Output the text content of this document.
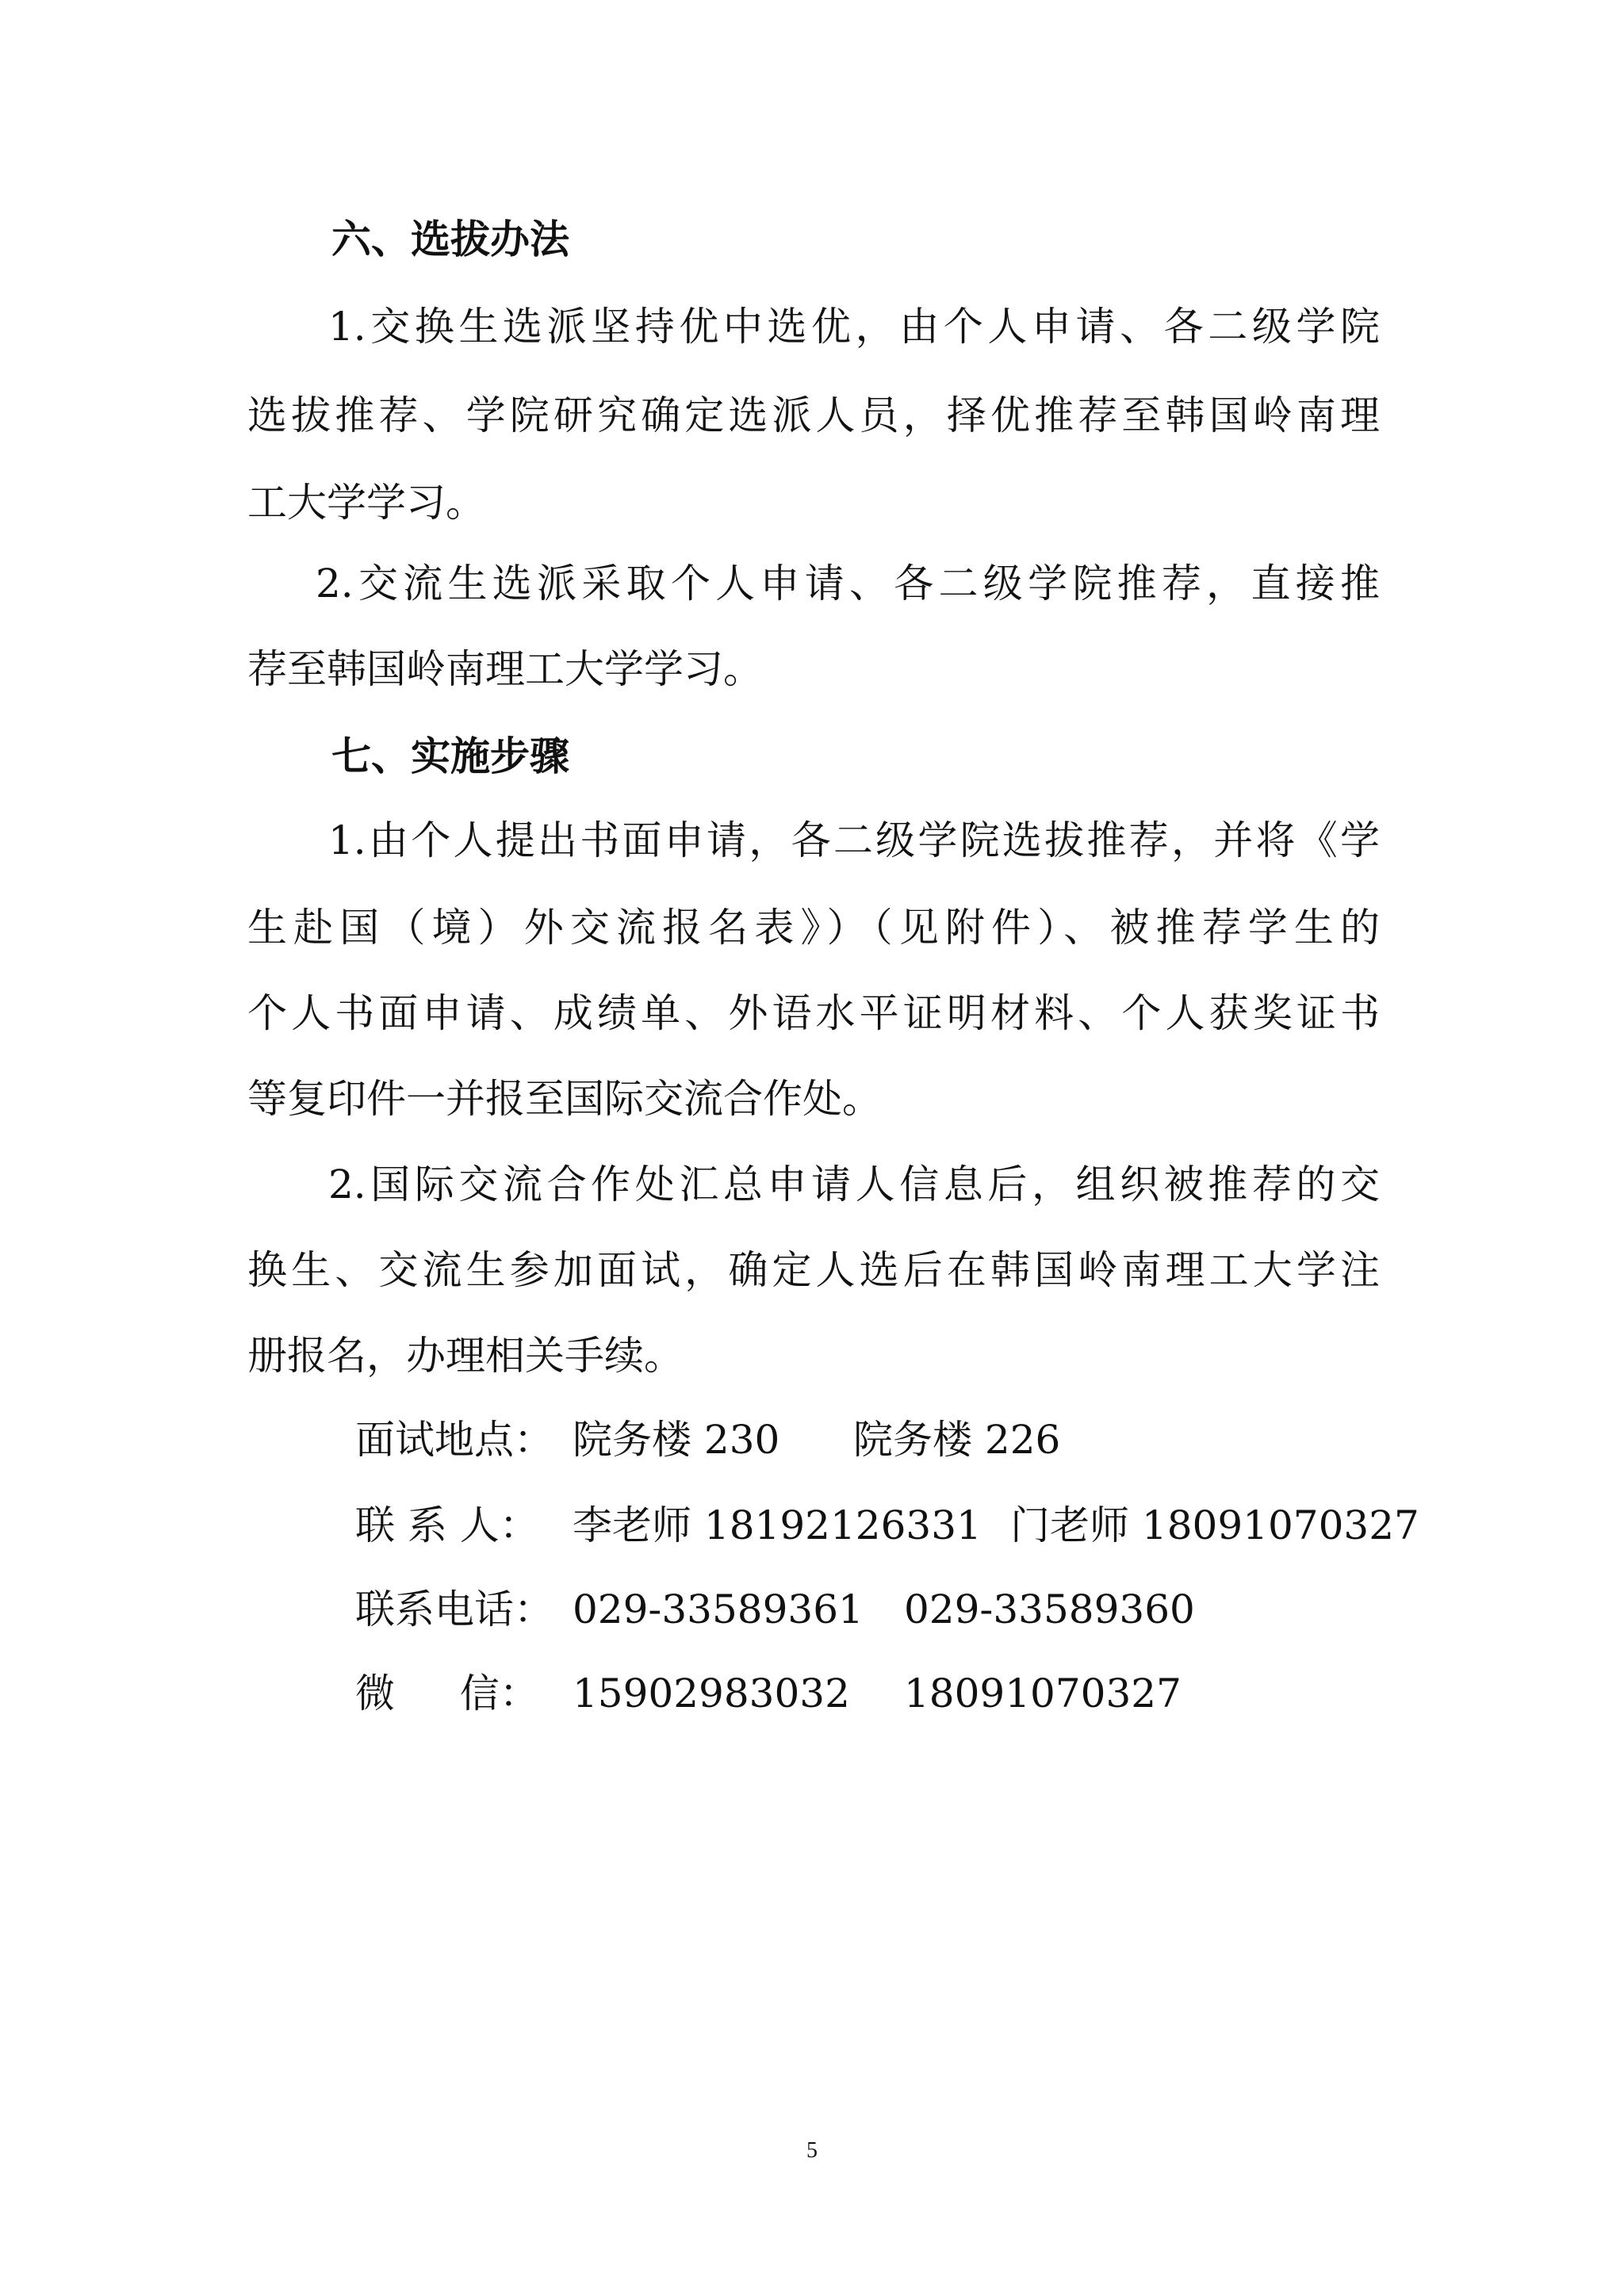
六、选拔办法
1.交换生选派坚持优中选优，由个人申请、各二级学院
选拔推荐、学院研究确定选派人员，择优推荐至韩国岭南理
工大学学习。
2.交流生选派采取个人申请、各二级学院推荐，直接推
荐至韩国岭南理工大学学习。
七、实施步骤
1.由个人提出书面申请，各二级学院选拔推荐，并将《学
生赴国（境）外交流报名表》）（见附件）、被推荐学生的
个人书面申请、成绩单、外语水平证明材料、个人获奖证书
等复印件一并报至国际交流合作处。
2.国际交流合作处汇总申请人信息后，组织被推荐的交
换生、交流生参加面试，确定人选后在韩国岭南理工大学注
册报名，办理相关手续。
面试地点： 院务楼 230 院务楼 226
联 系 人： 李老师 18192126331 门老师 18091070327
联系电话： 029-33589361 029-33589360
微 　 信： 15902983032 18091070327
5
